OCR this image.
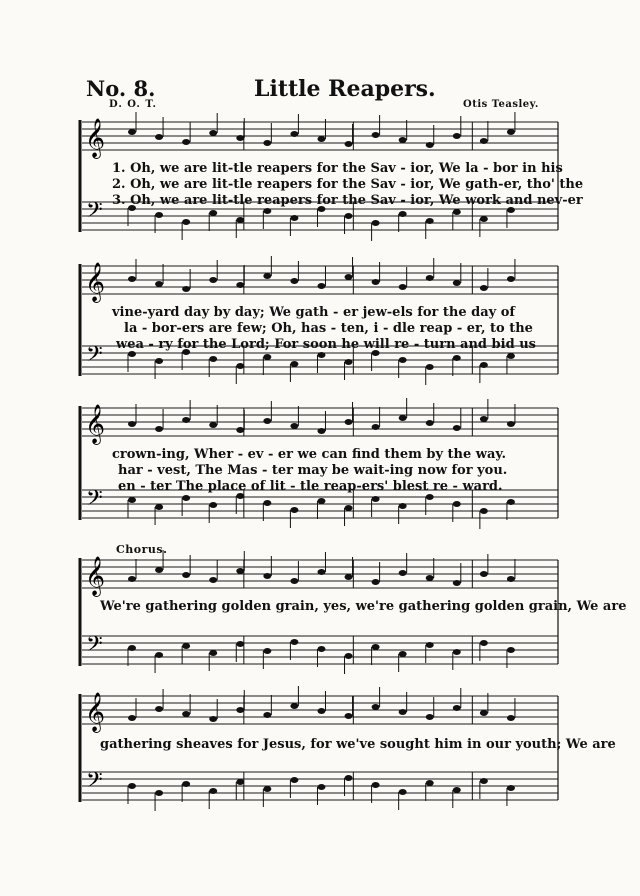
No. 8.	Little Reapers.
D. O. T.	Otis Teasley.
Chorus.
𝄞
𝄢
𝄞
𝄢
𝄞
𝄢
𝄞
𝄢
𝄞
𝄢
1. Oh, we are lit-tle reapers for the Sav - ior, We la - bor in his
2. Oh, we are lit-tle reapers for the Sav - ior, We gath-er, tho' the
3. Oh, we are lit-tle reapers for the Sav - ior, We work and nev-er
vine-yard day by day; We gath - er jew-els for the day of
la - bor-ers are few; Oh, has - ten, i - dle reap - er, to the
wea - ry for the Lord; For soon he will re - turn and bid us
crown-ing, Wher - ev - er we can find them by the way.
har - vest, The Mas - ter may be wait-ing now for you.
en - ter The place of lit - tle reap-ers' blest re - ward.
We're gathering golden grain, yes, we're gathering golden grain, We are
gathering sheaves for Jesus, for we've sought him in our youth; We are
